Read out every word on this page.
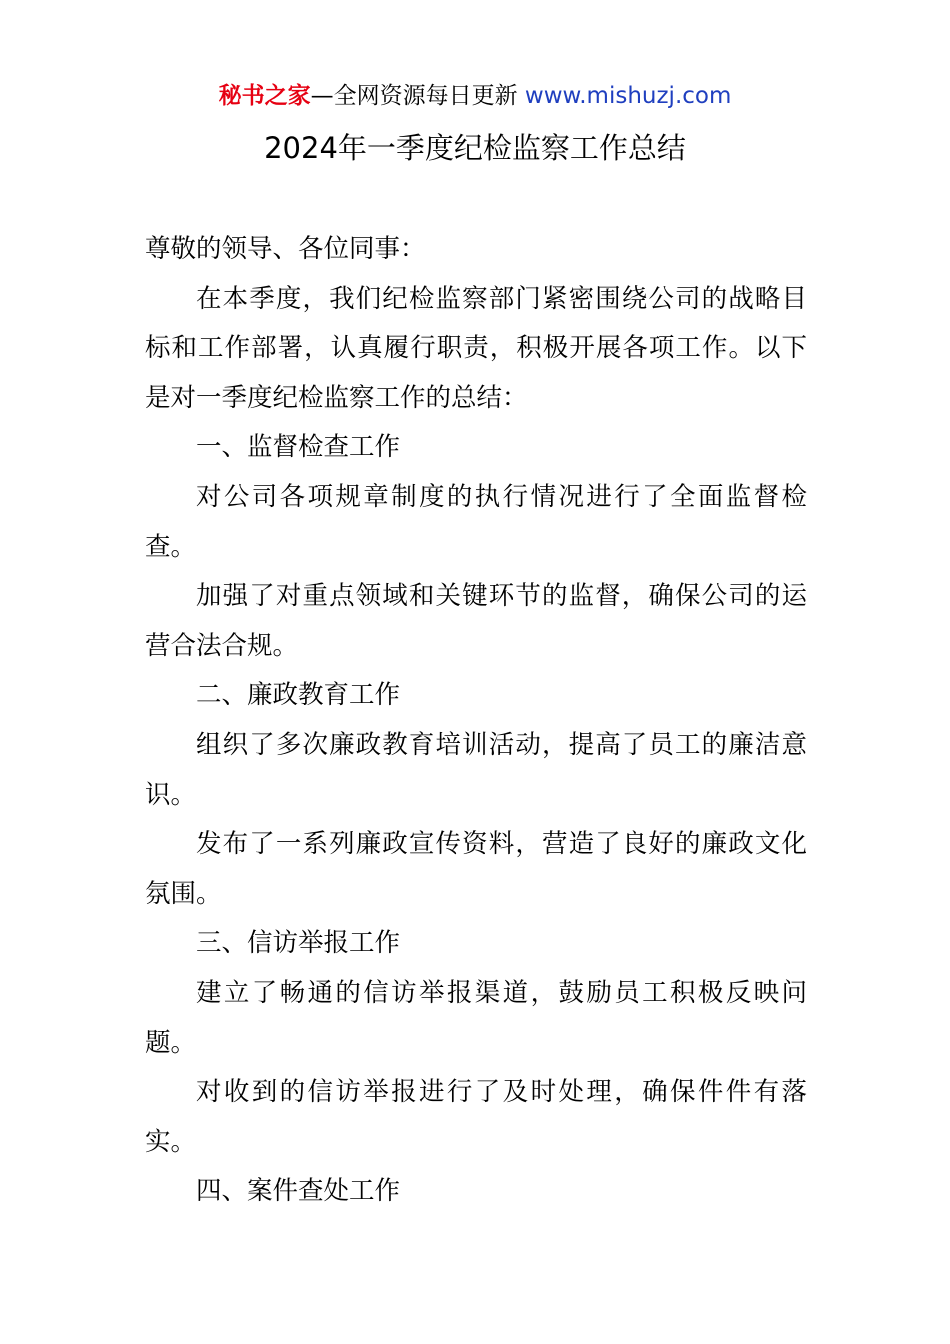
秘书之家—全网资源每日更新 www.mishuzj.com
2024年一季度纪检监察工作总结

尊敬的领导、各位同事：

在本季度，我们纪检监察部门紧密围绕公司的战略目标和工作部署，认真履行职责，积极开展各项工作。以下是对一季度纪检监察工作的总结：

一、监督检查工作

对公司各项规章制度的执行情况进行了全面监督检查。

加强了对重点领域和关键环节的监督，确保公司的运营合法合规。

二、廉政教育工作

组织了多次廉政教育培训活动，提高了员工的廉洁意识。

发布了一系列廉政宣传资料，营造了良好的廉政文化氛围。

三、信访举报工作

建立了畅通的信访举报渠道，鼓励员工积极反映问题。

对收到的信访举报进行了及时处理，确保件件有落实。

四、案件查处工作
